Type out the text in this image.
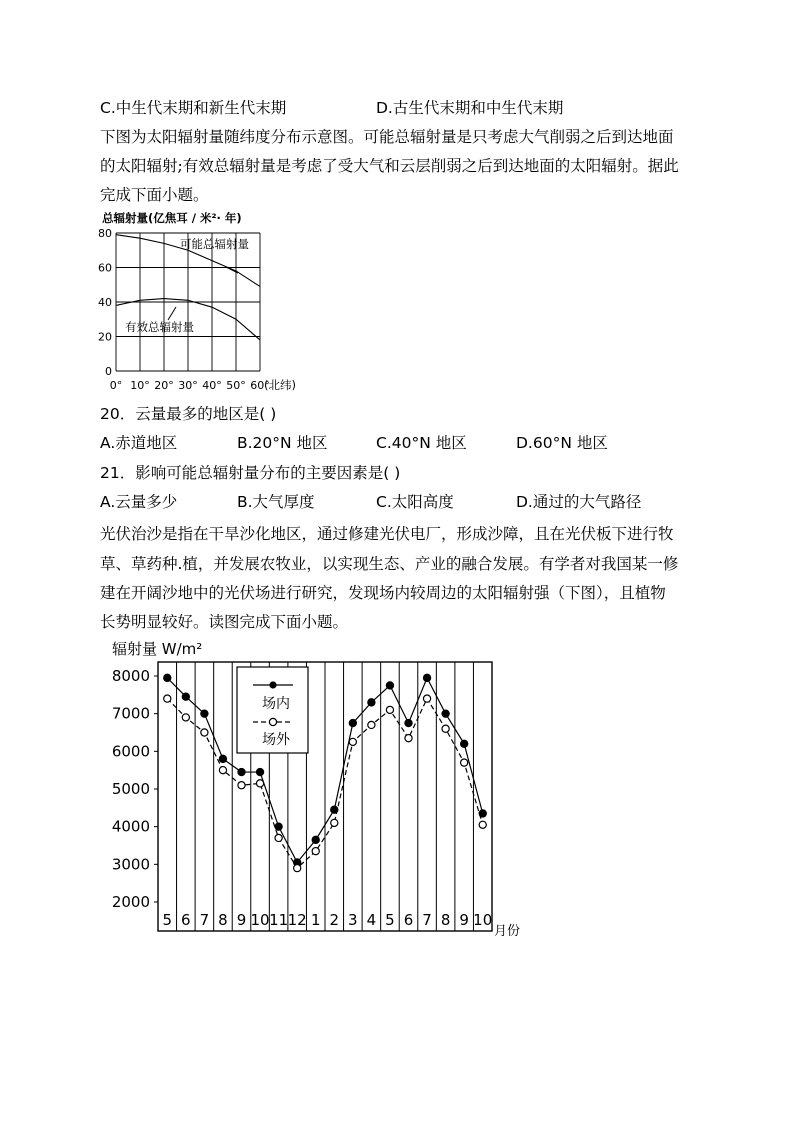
C.中生代末期和新生代末期	D.古生代末期和中生代末期
下图为太阳辐射量随纬度分布示意图。可能总辐射量是只考虑大气削弱之后到达地面
的太阳辐射;有效总辐射量是考虑了受大气和云层削弱之后到达地面的太阳辐射。据此
完成下面小题。
总辐射量(亿焦耳 / 米²· 年)
80
60
40
20
0
0° 10° 20° 30° 40° 50° 60°
可能总辐射量
有效总辐射量
(北纬)
20．云量最多的地区是( )
A.赤道地区	B.20°N 地区	C.40°N 地区	D.60°N 地区
21．影响可能总辐射量分布的主要因素是( )
A.云量多少	B.大气厚度	C.太阳高度	D.通过的大气路径
光伏治沙是指在干旱沙化地区，通过修建光伏电厂，形成沙障，且在光伏板下进行牧
草、草药种.植，并发展农牧业，以实现生态、产业的融合发展。有学者对我国某一修
建在开阔沙地中的光伏场进行研究，发现场内较周边的太阳辐射强（下图），且植物
长势明显较好。读图完成下面小题。
8000
7000
6000
5000
4000
3000
2000
5 6 7 8 9 10 11 12 1 2 3 4 5 6 7 8 9 10
场内
场外
辐射量 W/m²
月份
